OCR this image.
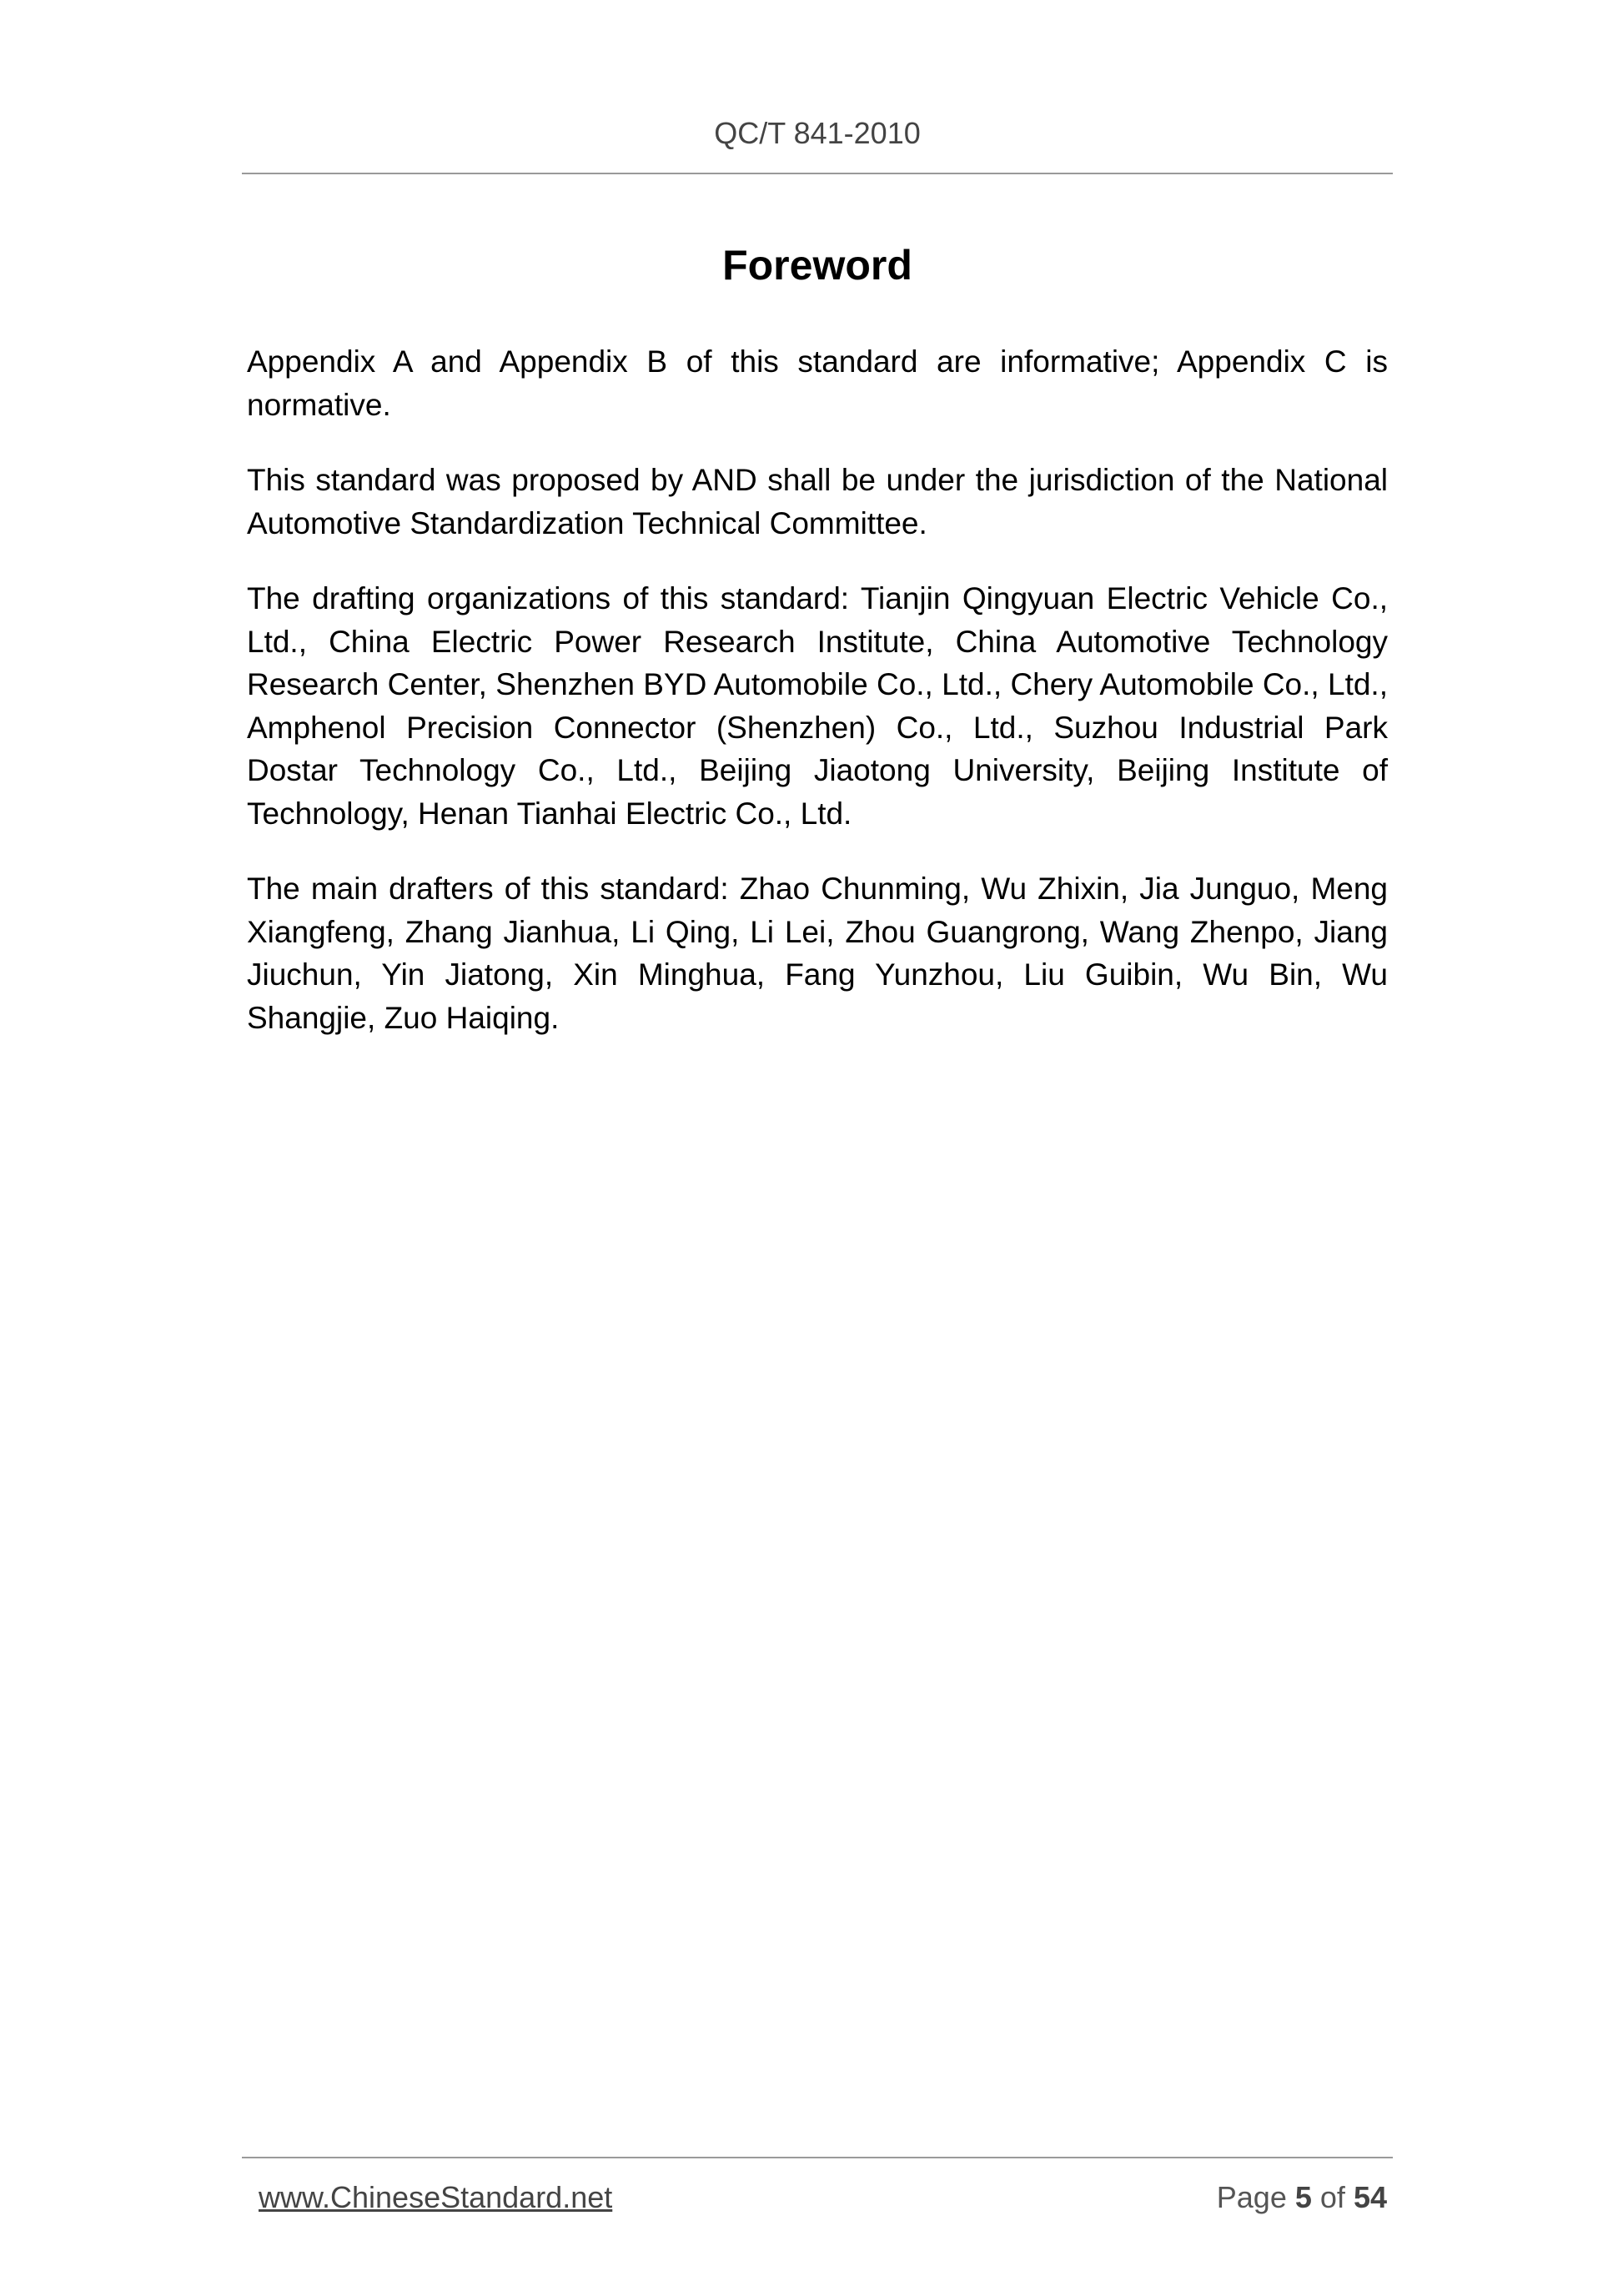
QC/T 841-2010
Foreword

Appendix A and Appendix B of this standard are informative; Appendix C is normative.

This standard was proposed by AND shall be under the jurisdiction of the National Automotive Standardization Technical Committee.

The drafting organizations of this standard: Tianjin Qingyuan Electric Vehicle Co., Ltd., China Electric Power Research Institute, China Automotive Technology Research Center, Shenzhen BYD Automobile Co., Ltd., Chery Automobile Co., Ltd., Amphenol Precision Connector (Shenzhen) Co., Ltd., Suzhou Industrial Park Dostar Technology Co., Ltd., Beijing Jiaotong University, Beijing Institute of Technology, Henan Tianhai Electric Co., Ltd.

The main drafters of this standard: Zhao Chunming, Wu Zhixin, Jia Junguo, Meng Xiangfeng, Zhang Jianhua, Li Qing, Li Lei, Zhou Guangrong, Wang Zhenpo, Jiang Jiuchun, Yin Jiatong, Xin Minghua, Fang Yunzhou, Liu Guibin, Wu Bin, Wu Shangjie, Zuo Haiqing.

www.ChineseStandard.net	Page 5 of 54
